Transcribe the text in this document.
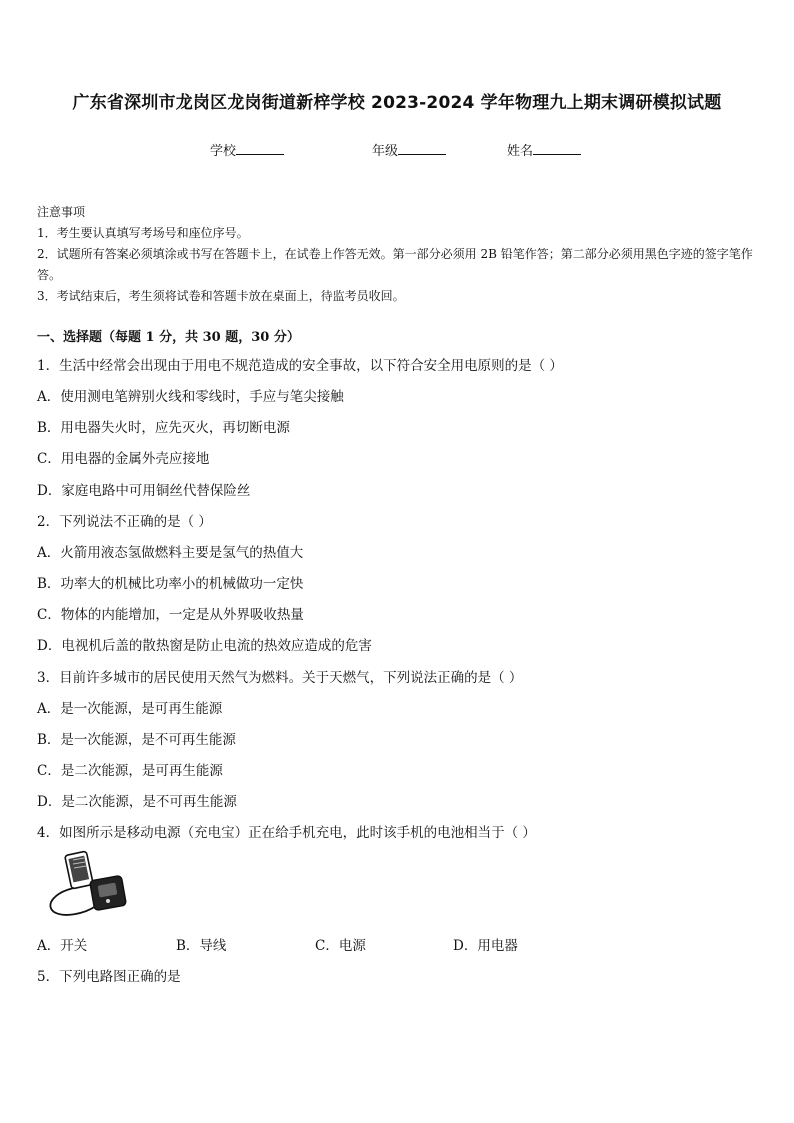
广东省深圳市龙岗区龙岗街道新梓学校 2023-2024 学年物理九上期末调研模拟试题
学校	年级	姓名
注意事项
1．考生要认真填写考场号和座位序号。
2．试题所有答案必须填涂或书写在答题卡上，在试卷上作答无效。第一部分必须用 2B 铅笔作答；第二部分必须用黑色字迹的签字笔作答。
3．考试结束后，考生须将试卷和答题卡放在桌面上，待监考员收回。
一、选择题（每题 1 分，共 30 题，30 分）
1．生活中经常会出现由于用电不规范造成的安全事故，以下符合安全用电原则的是（ ）
A．使用测电笔辨别火线和零线时，手应与笔尖接触
B．用电器失火时，应先灭火，再切断电源
C．用电器的金属外壳应接地
D．家庭电路中可用铜丝代替保险丝
2．下列说法不正确的是（ ）
A．火箭用液态氢做燃料主要是氢气的热值大
B．功率大的机械比功率小的机械做功一定快
C．物体的内能增加，一定是从外界吸收热量
D．电视机后盖的散热窗是防止电流的热效应造成的危害
3．目前许多城市的居民使用天然气为燃料。关于天燃气，下列说法正确的是（ ）
A．是一次能源，是可再生能源
B．是一次能源，是不可再生能源
C．是二次能源，是可再生能源
D．是二次能源，是不可再生能源
4．如图所示是移动电源（充电宝）正在给手机充电，此时该手机的电池相当于（ ）
A．开关	B．导线	C．电源	D．用电器
5．下列电路图正确的是
